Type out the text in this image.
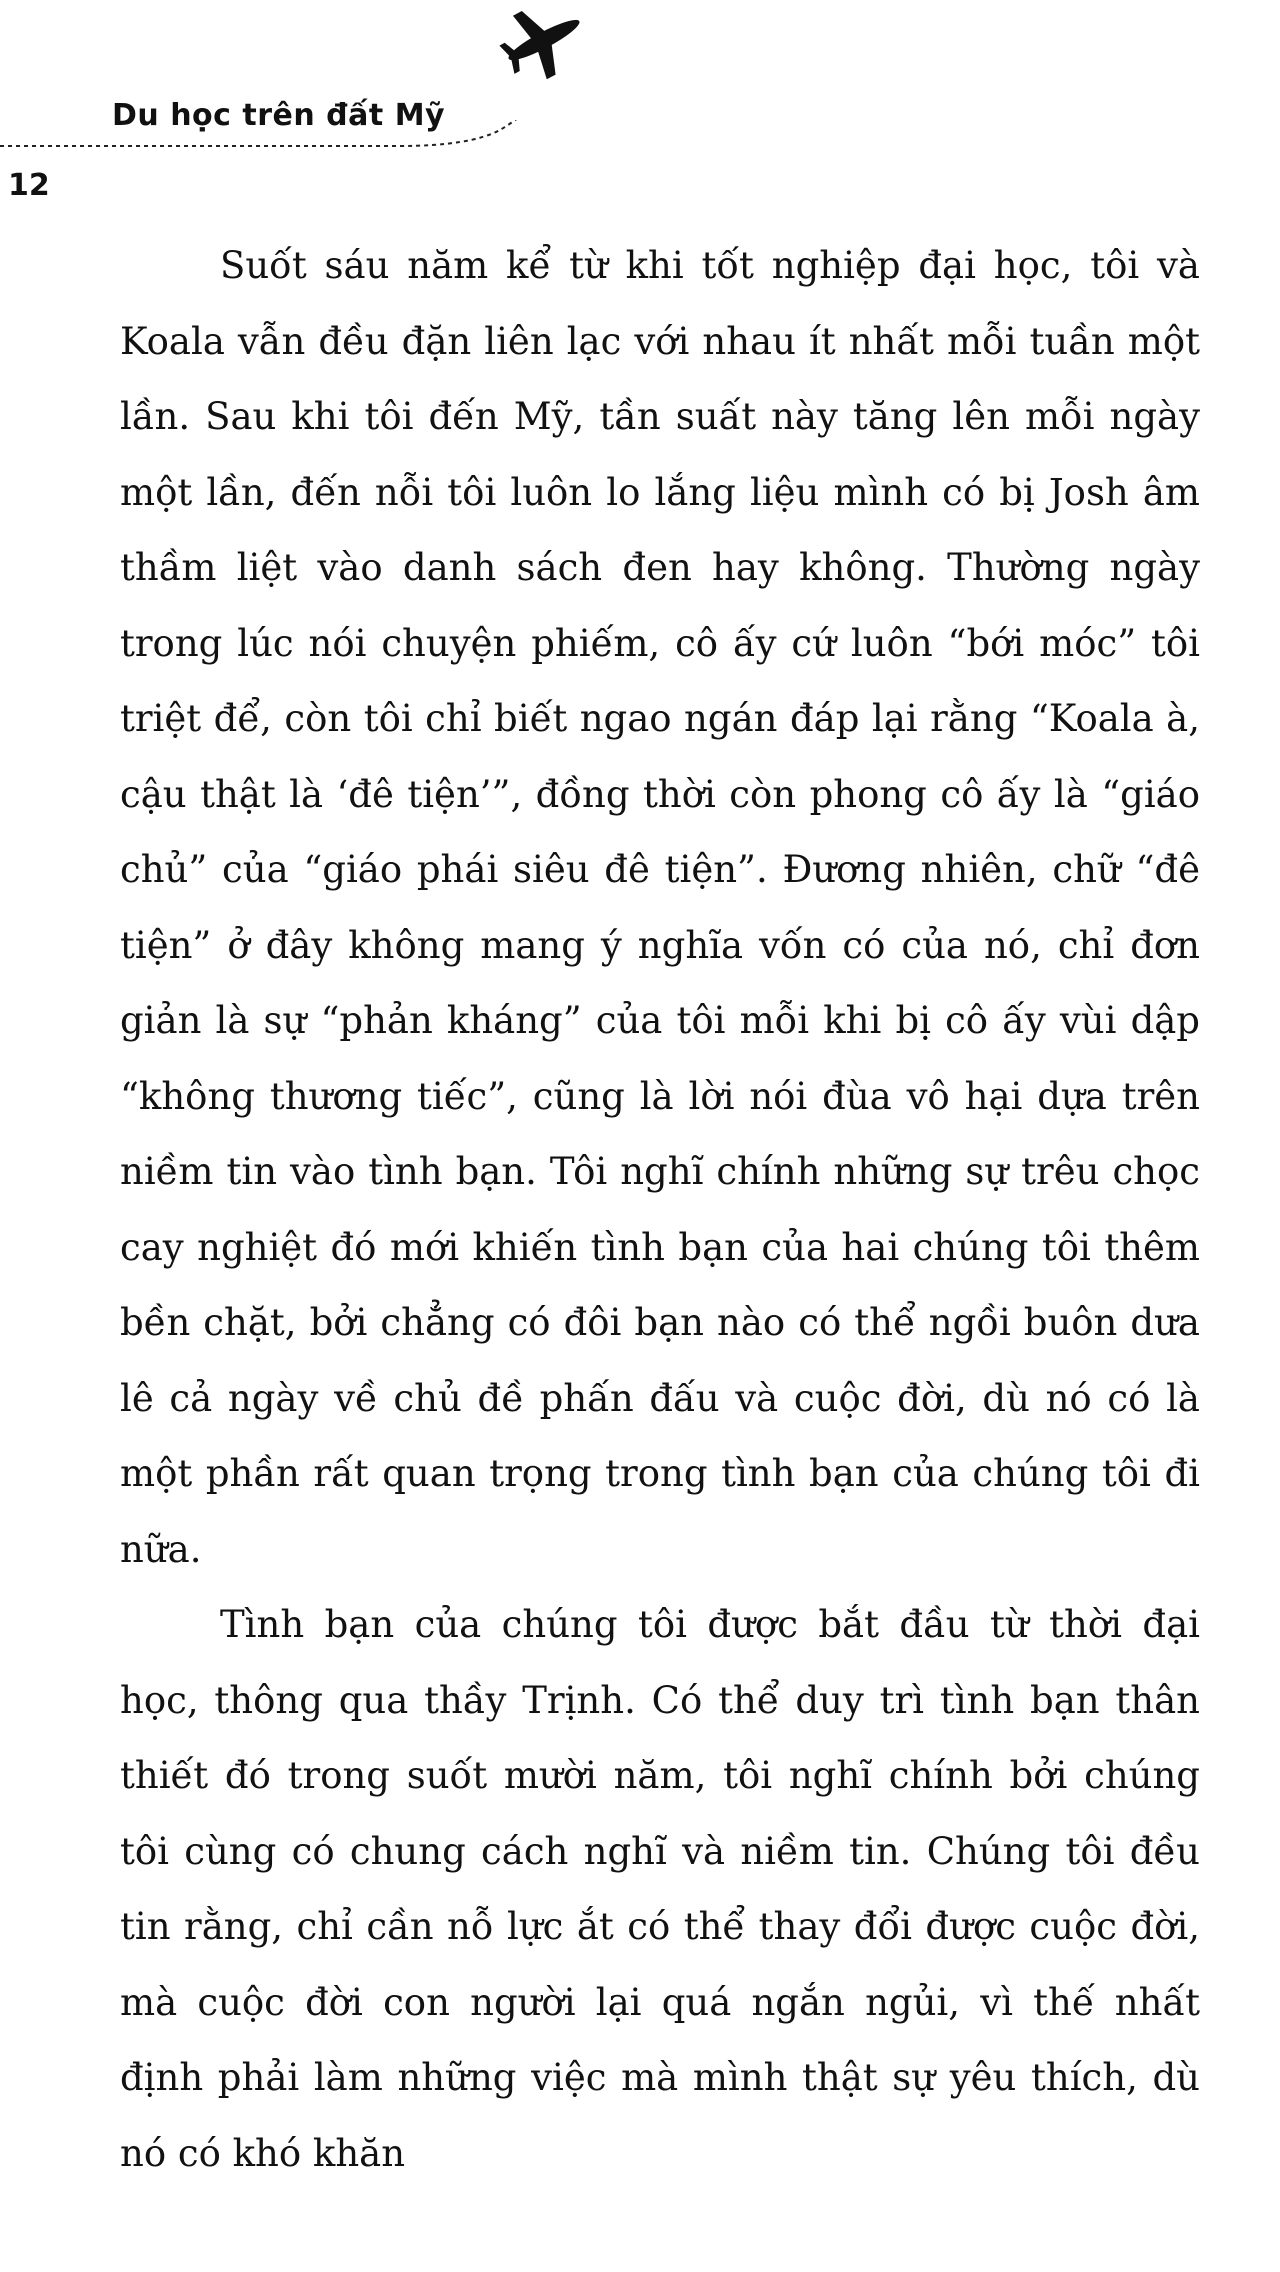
Du học trên đất Mỹ
12

Suốt sáu năm kể từ khi tốt nghiệp đại học, tôi và Koala vẫn đều đặn liên lạc với nhau ít nhất mỗi tuần một lần. Sau khi tôi đến Mỹ, tần suất này tăng lên mỗi ngày một lần, đến nỗi tôi luôn lo lắng liệu mình có bị Josh âm thầm liệt vào danh sách đen hay không. Thường ngày trong lúc nói chuyện phiếm, cô ấy cứ luôn “bới móc” tôi triệt để, còn tôi chỉ biết ngao ngán đáp lại rằng “Koala à, cậu thật là ‘đê tiện’”, đồng thời còn phong cô ấy là “giáo chủ” của “giáo phái siêu đê tiện”. Đương nhiên, chữ “đê tiện” ở đây không mang ý nghĩa vốn có của nó, chỉ đơn giản là sự “phản kháng” của tôi mỗi khi bị cô ấy vùi dập “không thương tiếc”, cũng là lời nói đùa vô hại dựa trên niềm tin vào tình bạn. Tôi nghĩ chính những sự trêu chọc cay nghiệt đó mới khiến tình bạn của hai chúng tôi thêm bền chặt, bởi chẳng có đôi bạn nào có thể ngồi buôn dưa lê cả ngày về chủ đề phấn đấu và cuộc đời, dù nó có là một phần rất quan trọng trong tình bạn của chúng tôi đi nữa.

Tình bạn của chúng tôi được bắt đầu từ thời đại học, thông qua thầy Trịnh. Có thể duy trì tình bạn thân thiết đó trong suốt mười năm, tôi nghĩ chính bởi chúng tôi cùng có chung cách nghĩ và niềm tin. Chúng tôi đều tin rằng, chỉ cần nỗ lực ắt có thể thay đổi được cuộc đời, mà cuộc đời con người lại quá ngắn ngủi, vì thế nhất định phải làm những việc mà mình thật sự yêu thích, dù nó có khó khăn
